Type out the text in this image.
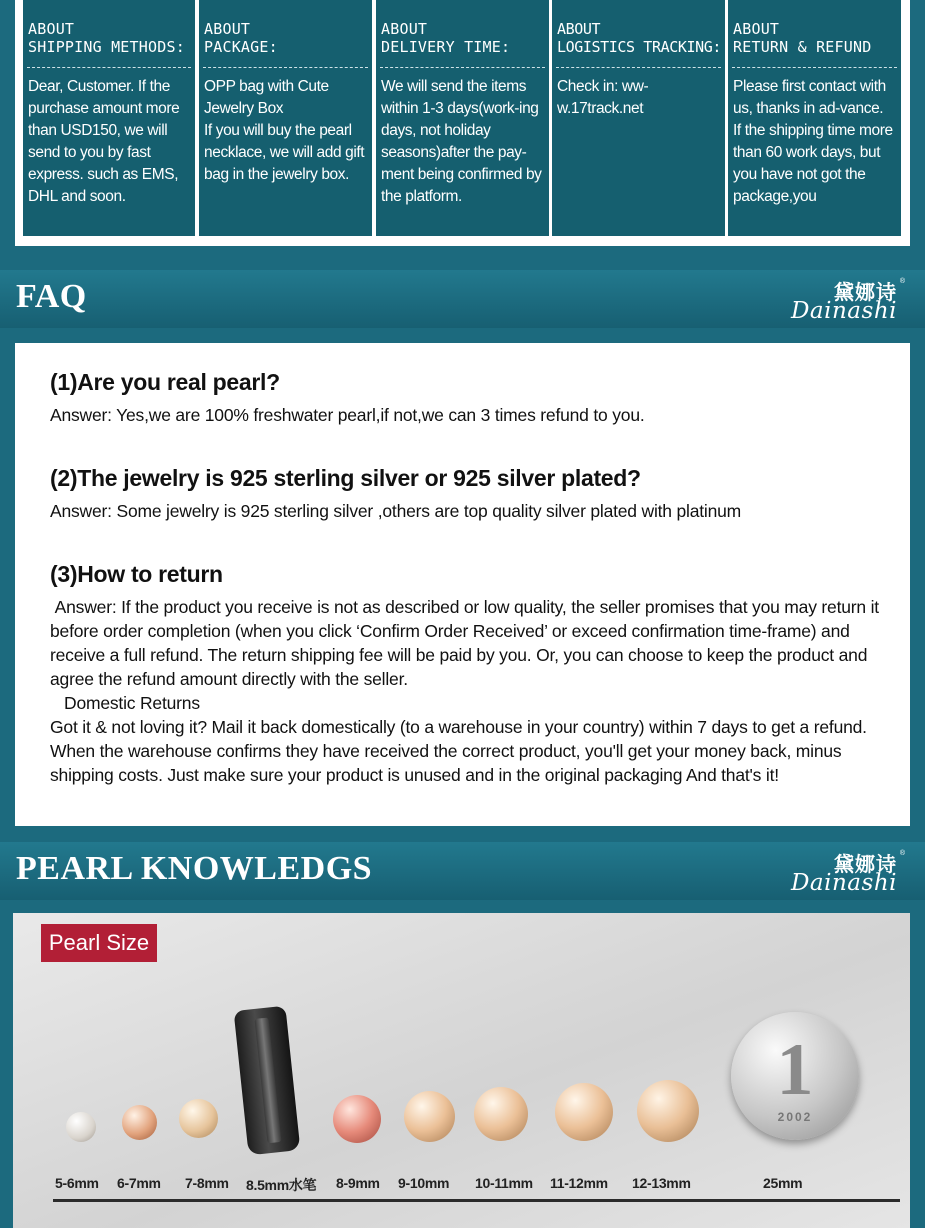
ABOUT
SHIPPING METHODS:
Dear, Customer. If the purchase amount more than USD150, we will send to you by fast express. such as EMS, DHL and soon.
ABOUT
PACKAGE:
OPP bag with Cute Jewelry Box
If you will buy the pearl necklace, we will add gift bag in the jewelry box.
ABOUT
DELIVERY TIME:
We will send the items within 1-3 days(work-ing days, not holiday seasons)after the pay-ment being confirmed by the platform.
ABOUT
LOGISTICS TRACKING:
Check in: ww-w.17track.net
ABOUT
RETURN & REFUND
Please first contact with us, thanks in ad-vance.
If the shipping time more than 60 work days, but you have not got the package,you
FAQ	黛娜诗
®
Dainashi
(1)Are you real pearl?
Answer: Yes,we are 100% freshwater pearl,if not,we can 3 times refund to you.
(2)The jewelry is 925 sterling silver or 925 silver plated?
Answer: Some jewelry is 925 sterling silver ,others are top quality silver plated with platinum
(3)How to return

Answer: If the product you receive is not as described or low quality, the seller promises that you may return it before order completion (when you click ‘Confirm Order Received’ or exceed confirmation time-frame) and receive a full refund. The return shipping fee will be paid by you. Or, you can choose to keep the product and agree the refund amount directly with the seller.

Domestic Returns

Got it & not loving it? Mail it back domestically (to a warehouse in your country) within 7 days to get a refund. When the warehouse confirms they have received the correct product, you'll get your money back, minus shipping costs. Just make sure your product is unused and in the original packaging And that's it!

PEARL KNOWLEDGS	黛娜诗
®
Dainashi
Pearl Size
1
2002
5-6mm 6-7mm 7-8mm 8.5mm水笔 8-9mm 9-10mm 10-11mm 11-12mm 12-13mm	25mm
